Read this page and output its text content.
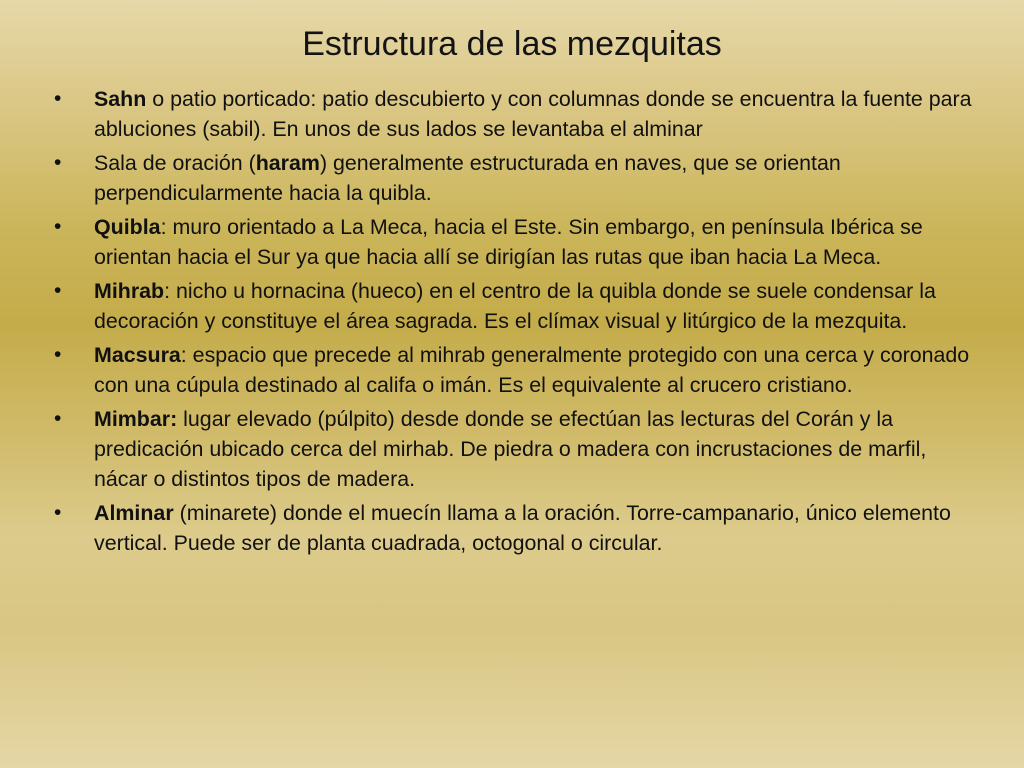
Estructura de las mezquitas
• Sahn o patio porticado: patio descubierto y con columnas donde se encuentra la fuente para abluciones (sabil). En unos de sus lados se levantaba el alminar
• Sala de oración (haram) generalmente estructurada en naves, que se orientan perpendicularmente hacia la quibla.
• Quibla: muro orientado a La Meca, hacia el Este. Sin embargo, en península Ibérica se orientan hacia el Sur ya que hacia allí se dirigían las rutas que iban hacia La Meca.
• Mihrab: nicho u hornacina (hueco) en el centro de la quibla donde se suele condensar la decoración y constituye el área sagrada. Es el clímax visual y litúrgico de la mezquita.
• Macsura: espacio que precede al mihrab generalmente protegido con una cerca y coronado con una cúpula destinado al califa o imán. Es el equivalente al crucero cristiano.
• Mimbar: lugar elevado (púlpito) desde donde se efectúan las lecturas del Corán y la predicación ubicado cerca del mirhab. De piedra o madera con incrustaciones de marfil, nácar o distintos tipos de madera.
• Alminar (minarete) donde el muecín llama a la oración. Torre-campanario, único elemento vertical. Puede ser de planta cuadrada, octogonal o circular.
